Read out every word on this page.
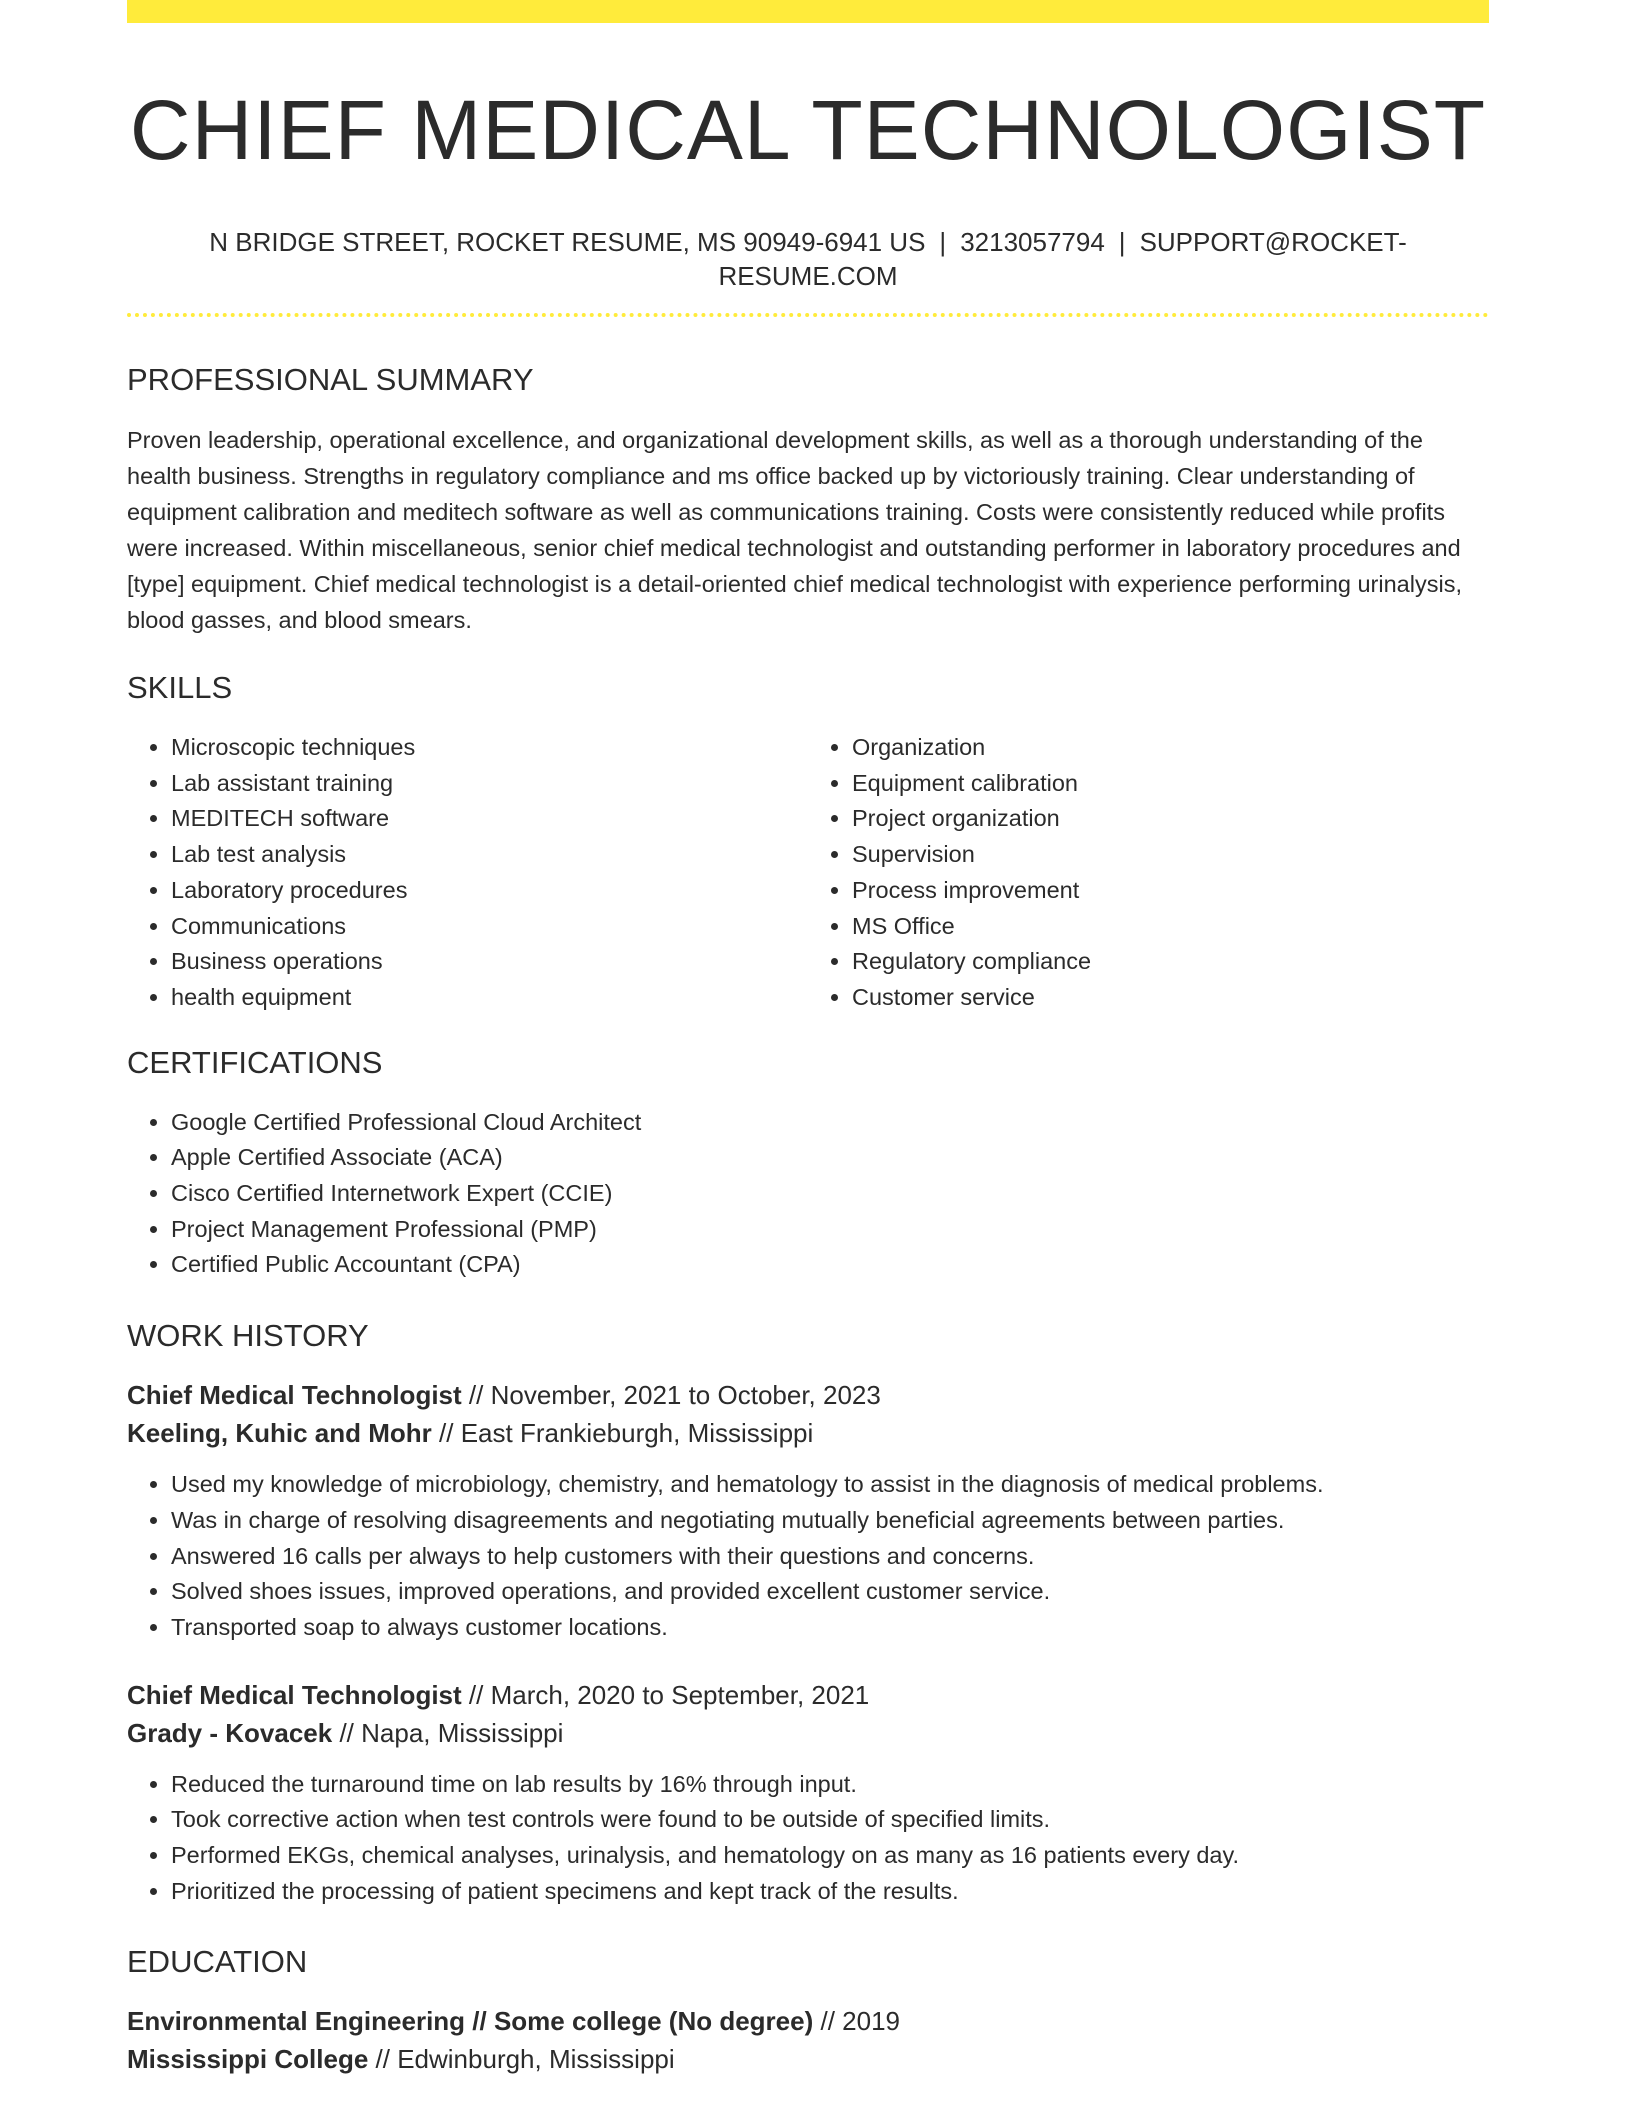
CHIEF MEDICAL TECHNOLOGIST
N BRIDGE STREET, ROCKET RESUME, MS 90949-6941 US | 3213057794 | SUPPORT@ROCKET-RESUME.COM
PROFESSIONAL SUMMARY
Proven leadership, operational excellence, and organizational development skills, as well as a thorough understanding of the health business. Strengths in regulatory compliance and ms office backed up by victoriously training. Clear understanding of equipment calibration and meditech software as well as communications training. Costs were consistently reduced while profits were increased. Within miscellaneous, senior chief medical technologist and outstanding performer in laboratory procedures and [type] equipment. Chief medical technologist is a detail-oriented chief medical technologist with experience performing urinalysis, blood gasses, and blood smears.
SKILLS
• Microscopic techniques
• Lab assistant training
• MEDITECH software
• Lab test analysis
• Laboratory procedures
• Communications
• Business operations
• health equipment
• Organization
• Equipment calibration
• Project organization
• Supervision
• Process improvement
• MS Office
• Regulatory compliance
• Customer service
CERTIFICATIONS
• Google Certified Professional Cloud Architect
• Apple Certified Associate (ACA)
• Cisco Certified Internetwork Expert (CCIE)
• Project Management Professional (PMP)
• Certified Public Accountant (CPA)
WORK HISTORY
Chief Medical Technologist // November, 2021 to October, 2023
Keeling, Kuhic and Mohr // East Frankieburgh, Mississippi
• Used my knowledge of microbiology, chemistry, and hematology to assist in the diagnosis of medical problems.
• Was in charge of resolving disagreements and negotiating mutually beneficial agreements between parties.
• Answered 16 calls per always to help customers with their questions and concerns.
• Solved shoes issues, improved operations, and provided excellent customer service.
• Transported soap to always customer locations.
Chief Medical Technologist // March, 2020 to September, 2021
Grady - Kovacek // Napa, Mississippi
• Reduced the turnaround time on lab results by 16% through input.
• Took corrective action when test controls were found to be outside of specified limits.
• Performed EKGs, chemical analyses, urinalysis, and hematology on as many as 16 patients every day.
• Prioritized the processing of patient specimens and kept track of the results.
EDUCATION
Environmental Engineering // Some college (No degree) // 2019
Mississippi College // Edwinburgh, Mississippi
